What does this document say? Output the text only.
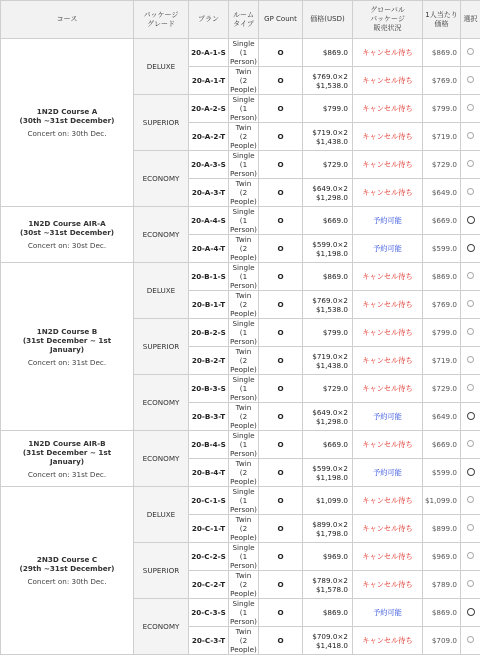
コース	パッケージ
グレード	プラン	ルーム
タイプ	GP Count	価格(USD)	グローバル
パッケージ
販売状況	1人当たり
価格	選択

1N2D Course A
(30th ~31st December)
Concert on: 30th Dec.	DELUXE	20-A-1-S	Single
(1 Person)	O	$869.0	キャンセル待ち	$869.0	
		20-A-1-T	Twin
(2 People)	O	$769.0×2
$1,538.0	キャンセル待ち	$769.0	
	SUPERIOR	20-A-2-S	Single
(1 Person)	O	$799.0	キャンセル待ち	$799.0	
		20-A-2-T	Twin
(2 People)	O	$719.0×2
$1,438.0	キャンセル待ち	$719.0	
	ECONOMY	20-A-3-S	Single
(1 Person)	O	$729.0	キャンセル待ち	$729.0	
		20-A-3-T	Twin
(2 People)	O	$649.0×2
$1,298.0	キャンセル待ち	$649.0	

1N2D Course AIR-A
(30st ~31st December)
Concert on: 30st Dec.	ECONOMY	20-A-4-S	Single
(1 Person)	O	$669.0	予約可能	$669.0	
		20-A-4-T	Twin
(2 People)	O	$599.0×2
$1,198.0	予約可能	$599.0	

1N2D Course B
(31st December ~ 1st January)
Concert on: 31st Dec.	DELUXE	20-B-1-S	Single
(1 Person)	O	$869.0	キャンセル待ち	$869.0	
		20-B-1-T	Twin
(2 People)	O	$769.0×2
$1,538.0	キャンセル待ち	$769.0	
	SUPERIOR	20-B-2-S	Single
(1 Person)	O	$799.0	キャンセル待ち	$799.0	
		20-B-2-T	Twin
(2 People)	O	$719.0×2
$1,438.0	キャンセル待ち	$719.0	
	ECONOMY	20-B-3-S	Single
(1 Person)	O	$729.0	キャンセル待ち	$729.0	
		20-B-3-T	Twin
(2 People)	O	$649.0×2
$1,298.0	予約可能	$649.0	

1N2D Course AIR-B
(31st December ~ 1st January)
Concert on: 31st Dec.	ECONOMY	20-B-4-S	Single
(1 Person)	O	$669.0	キャンセル待ち	$669.0	
		20-B-4-T	Twin
(2 People)	O	$599.0×2
$1,198.0	予約可能	$599.0	

2N3D Course C
(29th ~31st December)
Concert on: 30th Dec.	DELUXE	20-C-1-S	Single
(1 Person)	O	$1,099.0	キャンセル待ち	$1,099.0	
		20-C-1-T	Twin
(2 People)	O	$899.0×2
$1,798.0	キャンセル待ち	$899.0	
	SUPERIOR	20-C-2-S	Single
(1 Person)	O	$969.0	キャンセル待ち	$969.0	
		20-C-2-T	Twin
(2 People)	O	$789.0×2
$1,578.0	キャンセル待ち	$789.0	
	ECONOMY	20-C-3-S	Single
(1 Person)	O	$869.0	予約可能	$869.0	
		20-C-3-T	Twin
(2 People)	O	$709.0×2
$1,418.0	キャンセル待ち	$709.0	
